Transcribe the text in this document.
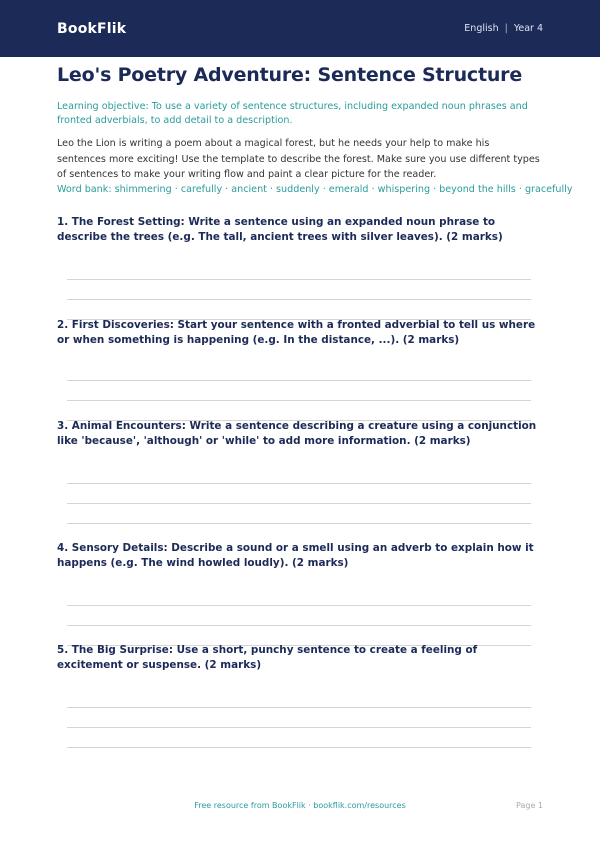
BookFlik	English | Year 4
Leo's Poetry Adventure: Sentence Structure
Learning objective: To use a variety of sentence structures, including expanded noun phrases and fronted adverbials, to add detail to a description.
Leo the Lion is writing a poem about a magical forest, but he needs your help to make his sentences more exciting! Use the template to describe the forest. Make sure you use different types of sentences to make your writing flow and paint a clear picture for the reader.
Word bank: shimmering · carefully · ancient · suddenly · emerald · whispering · beyond the hills · gracefully
1. The Forest Setting: Write a sentence using an expanded noun phrase to describe the trees (e.g. The tall, ancient trees with silver leaves). (2 marks)
2. First Discoveries: Start your sentence with a fronted adverbial to tell us where or when something is happening (e.g. In the distance, ...). (2 marks)
3. Animal Encounters: Write a sentence describing a creature using a conjunction like 'because', 'although' or 'while' to add more information. (2 marks)
4. Sensory Details: Describe a sound or a smell using an adverb to explain how it happens (e.g. The wind howled loudly). (2 marks)
5. The Big Surprise: Use a short, punchy sentence to create a feeling of excitement or suspense. (2 marks)
Free resource from BookFlik · bookflik.com/resources	Page 1
